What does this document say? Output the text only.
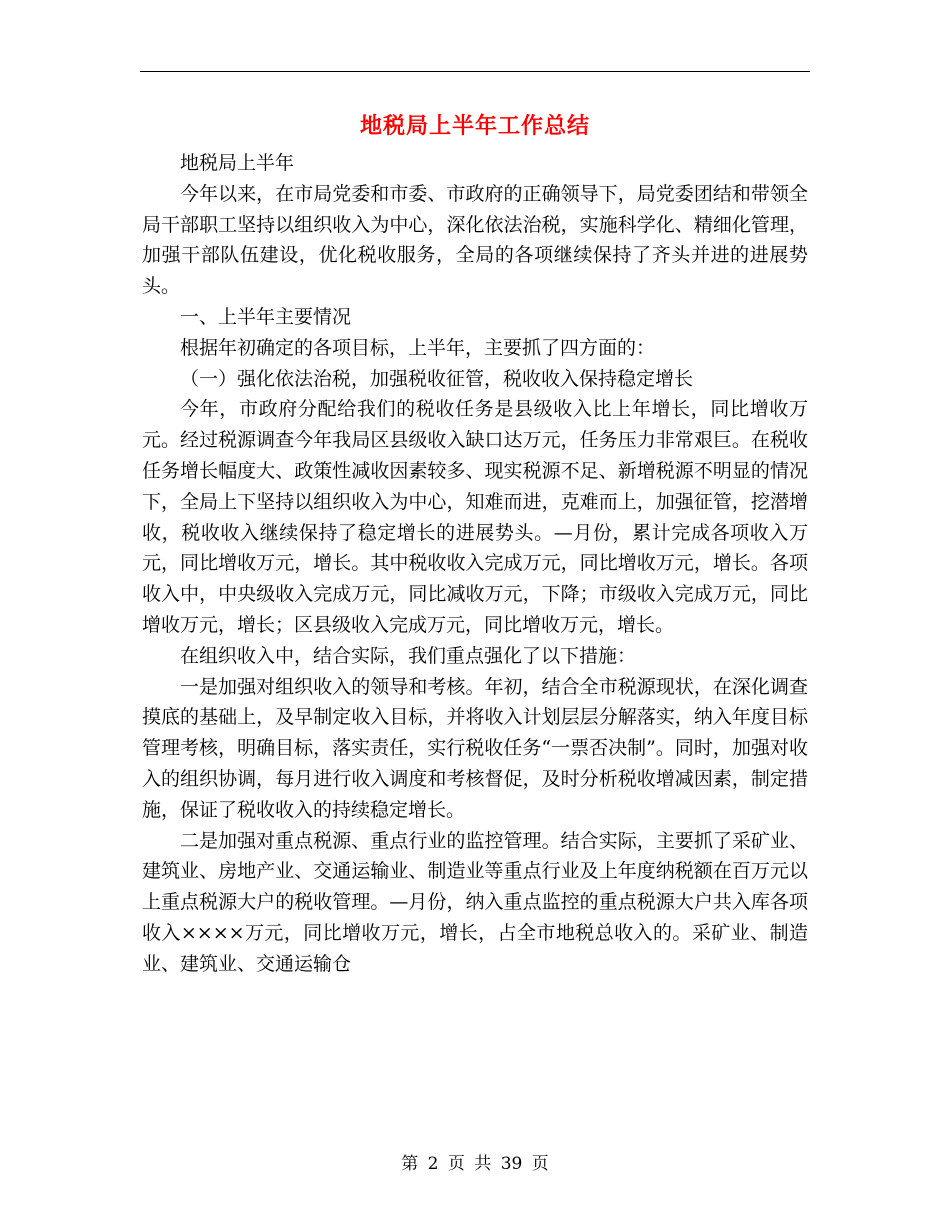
地税局上半年工作总结

地税局上半年

今年以来，在市局党委和市委、市政府的正确领导下，局党委团结和带领全局干部职工坚持以组织收入为中心，深化依法治税，实施科学化、精细化管理，加强干部队伍建设，优化税收服务，全局的各项继续保持了齐头并进的进展势头。

一、上半年主要情况

根据年初确定的各项目标，上半年，主要抓了四方面的：

（一）强化依法治税，加强税收征管，税收收入保持稳定增长

今年，市政府分配给我们的税收任务是县级收入比上年增长，同比增收万元。经过税源调查今年我局区县级收入缺口达万元，任务压力非常艰巨。在税收任务增长幅度大、政策性减收因素较多、现实税源不足、新增税源不明显的情况下，全局上下坚持以组织收入为中心，知难而进，克难而上，加强征管，挖潜增收，税收收入继续保持了稳定增长的进展势头。—月份，累计完成各项收入万元，同比增收万元，增长。其中税收收入完成万元，同比增收万元，增长。各项收入中，中央级收入完成万元，同比减收万元，下降；市级收入完成万元，同比增收万元，增长；区县级收入完成万元，同比增收万元，增长。

在组织收入中，结合实际，我们重点强化了以下措施：

一是加强对组织收入的领导和考核。年初，结合全市税源现状，在深化调查摸底的基础上，及早制定收入目标，并将收入计划层层分解落实，纳入年度目标管理考核，明确目标，落实责任，实行税收任务“一票否决制”。同时，加强对收入的组织协调，每月进行收入调度和考核督促，及时分析税收增减因素，制定措施，保证了税收收入的持续稳定增长。

二是加强对重点税源、重点行业的监控管理。结合实际，主要抓了采矿业、建筑业、房地产业、交通运输业、制造业等重点行业及上年度纳税额在百万元以上重点税源大户的税收管理。—月份，纳入重点监控的重点税源大户共入库各项收入××××万元，同比增收万元，增长，占全市地税总收入的。采矿业、制造业、建筑业、交通运输仓

第 2 页 共 39 页
